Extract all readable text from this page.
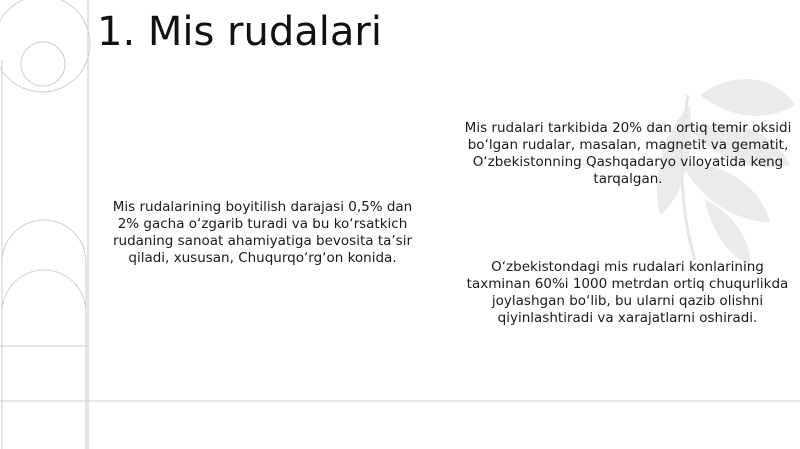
1. Mis rudalari

Mis rudalarining boyitilish darajasi 0,5% dan 2% gacha o‘zgarib turadi va bu ko‘rsatkich rudaning sanoat ahamiyatiga bevosita ta’sir qiladi, xususan, Chuqurqo‘rg‘on konida.

Mis rudalari tarkibida 20% dan ortiq temir oksidi bo‘lgan rudalar, masalan, magnetit va gematit, O‘zbekistonning Qashqadaryo viloyatida keng tarqalgan.

O‘zbekistondagi mis rudalari konlarining taxminan 60%i 1000 metrdan ortiq chuqurlikda joylashgan bo‘lib, bu ularni qazib olishni qiyinlashtiradi va xarajatlarni oshiradi.
